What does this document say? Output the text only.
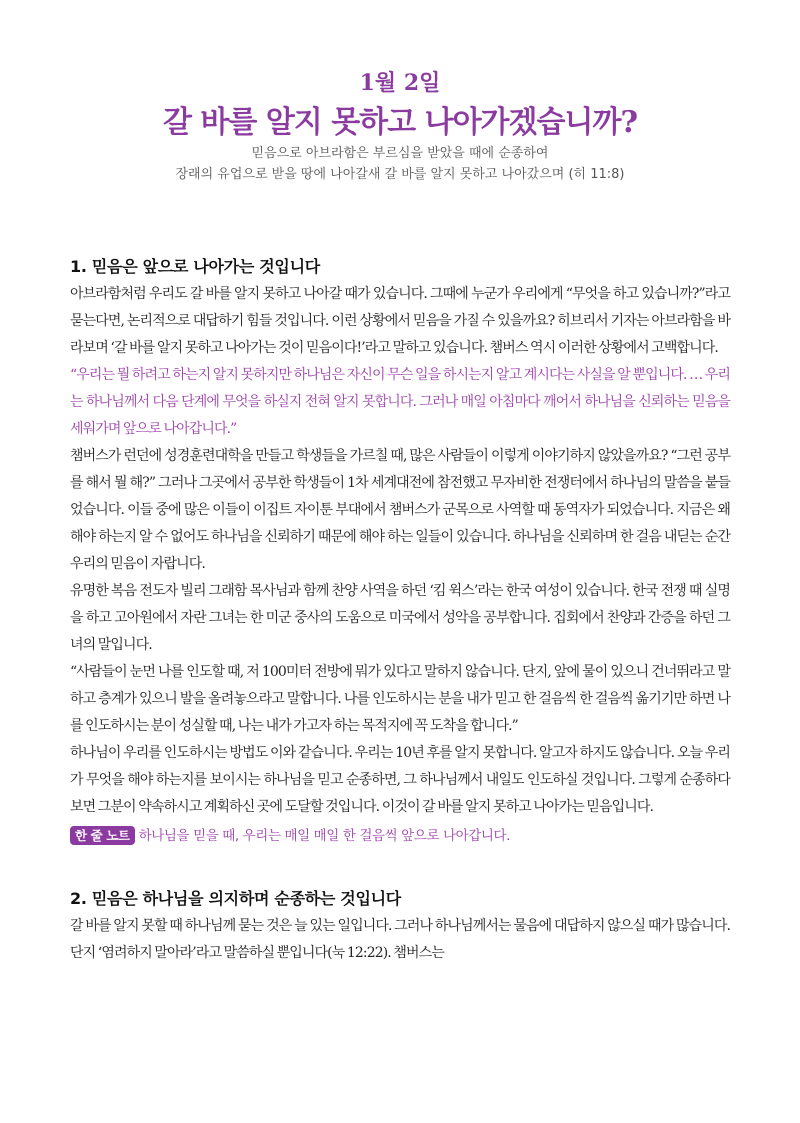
1월 2일
갈 바를 알지 못하고 나아가겠습니까?
믿음으로 아브라함은 부르심을 받았을 때에 순종하여
장래의 유업으로 받을 땅에 나아갈새 갈 바를 알지 못하고 나아갔으며 (히 11:8)
1. 믿음은 앞으로 나아가는 것입니다

아브라함처럼 우리도 갈 바를 알지 못하고 나아갈 때가 있습니다. 그때에 누군가 우리에게 “무엇을 하고 있습니까?”라고 묻는다면, 논리적으로 대답하기 힘들 것입니다. 이런 상황에서 믿음을 가질 수 있을까요? 히브리서 기자는 아브라함을 바라보며 ‘갈 바를 알지 못하고 나아가는 것이 믿음이다!’라고 말하고 있습니다. 챔버스 역시 이러한 상황에서 고백합니다.

“우리는 뭘 하려고 하는지 알지 못하지만 하나님은 자신이 무슨 일을 하시는지 알고 계시다는 사실을 알 뿐입니다. … 우리는 하나님께서 다음 단계에 무엇을 하실지 전혀 알지 못합니다. 그러나 매일 아침마다 깨어서 하나님을 신뢰하는 믿음을 세워가며 앞으로 나아갑니다.”

챔버스가 런던에 성경훈련대학을 만들고 학생들을 가르칠 때, 많은 사람들이 이렇게 이야기하지 않았을까요? “그런 공부를 해서 뭘 해?” 그러나 그곳에서 공부한 학생들이 1차 세계대전에 참전했고 무자비한 전쟁터에서 하나님의 말씀을 붙들었습니다. 이들 중에 많은 이들이 이집트 자이툰 부대에서 챔버스가 군목으로 사역할 때 동역자가 되었습니다. 지금은 왜 해야 하는지 알 수 없어도 하나님을 신뢰하기 때문에 해야 하는 일들이 있습니다. 하나님을 신뢰하며 한 걸음 내딛는 순간 우리의 믿음이 자랍니다.

유명한 복음 전도자 빌리 그래함 목사님과 함께 찬양 사역을 하던 ‘킴 윅스’라는 한국 여성이 있습니다. 한국 전쟁 때 실명을 하고 고아원에서 자란 그녀는 한 미군 중사의 도움으로 미국에서 성악을 공부합니다. 집회에서 찬양과 간증을 하던 그녀의 말입니다.

“사람들이 눈먼 나를 인도할 때, 저 100미터 전방에 뭐가 있다고 말하지 않습니다. 단지, 앞에 물이 있으니 건너뛰라고 말하고 층계가 있으니 발을 올려놓으라고 말합니다. 나를 인도하시는 분을 내가 믿고 한 걸음씩 한 걸음씩 옮기기만 하면 나를 인도하시는 분이 성실할 때, 나는 내가 가고자 하는 목적지에 꼭 도착을 합니다.”

하나님이 우리를 인도하시는 방법도 이와 같습니다. 우리는 10년 후를 알지 못합니다. 알고자 하지도 않습니다. 오늘 우리가 무엇을 해야 하는지를 보이시는 하나님을 믿고 순종하면, 그 하나님께서 내일도 인도하실 것입니다. 그렇게 순종하다 보면 그분이 약속하시고 계획하신 곳에 도달할 것입니다. 이것이 갈 바를 알지 못하고 나아가는 믿음입니다.

한 줄 노트 하나님을 믿을 때, 우리는 매일 매일 한 걸음씩 앞으로 나아갑니다.
2. 믿음은 하나님을 의지하며 순종하는 것입니다

갈 바를 알지 못할 때 하나님께 묻는 것은 늘 있는 일입니다. 그러나 하나님께서는 물음에 대답하지 않으실 때가 많습니다. 단지 ‘염려하지 말아라’라고 말씀하실 뿐입니다(눅 12:22). 챔버스는
